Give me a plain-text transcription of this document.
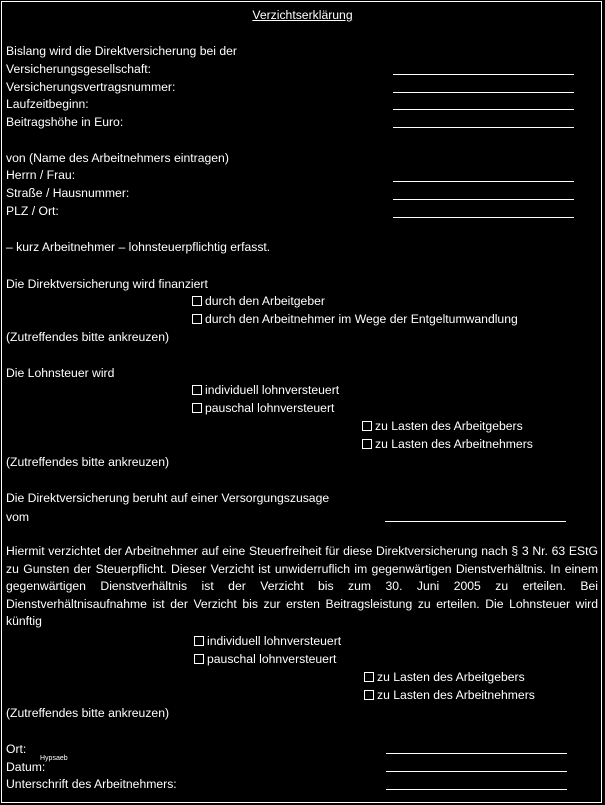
Verzichtserklärung
Bislang wird die Direktversicherung bei der
Versicherungsgesellschaft:
Versicherungsvertragsnummer:
Laufzeitbeginn:
Beitragshöhe in Euro:
von (Name des Arbeitnehmers eintragen)
Herrn / Frau:
Straße / Hausnummer:
PLZ / Ort:
– kurz Arbeitnehmer – lohnsteuerpflichtig erfasst.
Die Direktversicherung wird finanziert
durch den Arbeitgeber
durch den Arbeitnehmer im Wege der Entgeltumwandlung
(Zutreffendes bitte ankreuzen)
Die Lohnsteuer wird
individuell lohnversteuert
pauschal lohnversteuert
zu Lasten des Arbeitgebers
zu Lasten des Arbeitnehmers
(Zutreffendes bitte ankreuzen)
Die Direktversicherung beruht auf einer Versorgungszusage
vom
Hiermit verzichtet der Arbeitnehmer auf eine Steuerfreiheit für diese Direktversicherung nach § 3 Nr. 63 EStG zu Gunsten der Steuerpflicht. Dieser Verzicht ist unwiderruflich im gegenwärtigen Dienstverhältnis. In einem gegenwärtigen Dienstverhältnis ist der Verzicht bis zum 30. Juni 2005 zu erteilen. Bei Dienstverhältnisaufnahme ist der Verzicht bis zur ersten Beitragsleistung zu erteilen. Die Lohnsteuer wird künftig
individuell lohnversteuert
pauschal lohnversteuert
zu Lasten des Arbeitgebers
zu Lasten des Arbeitnehmers
(Zutreffendes bitte ankreuzen)
Ort:
Hypsaeb
Datum:
Unterschrift des Arbeitnehmers:
